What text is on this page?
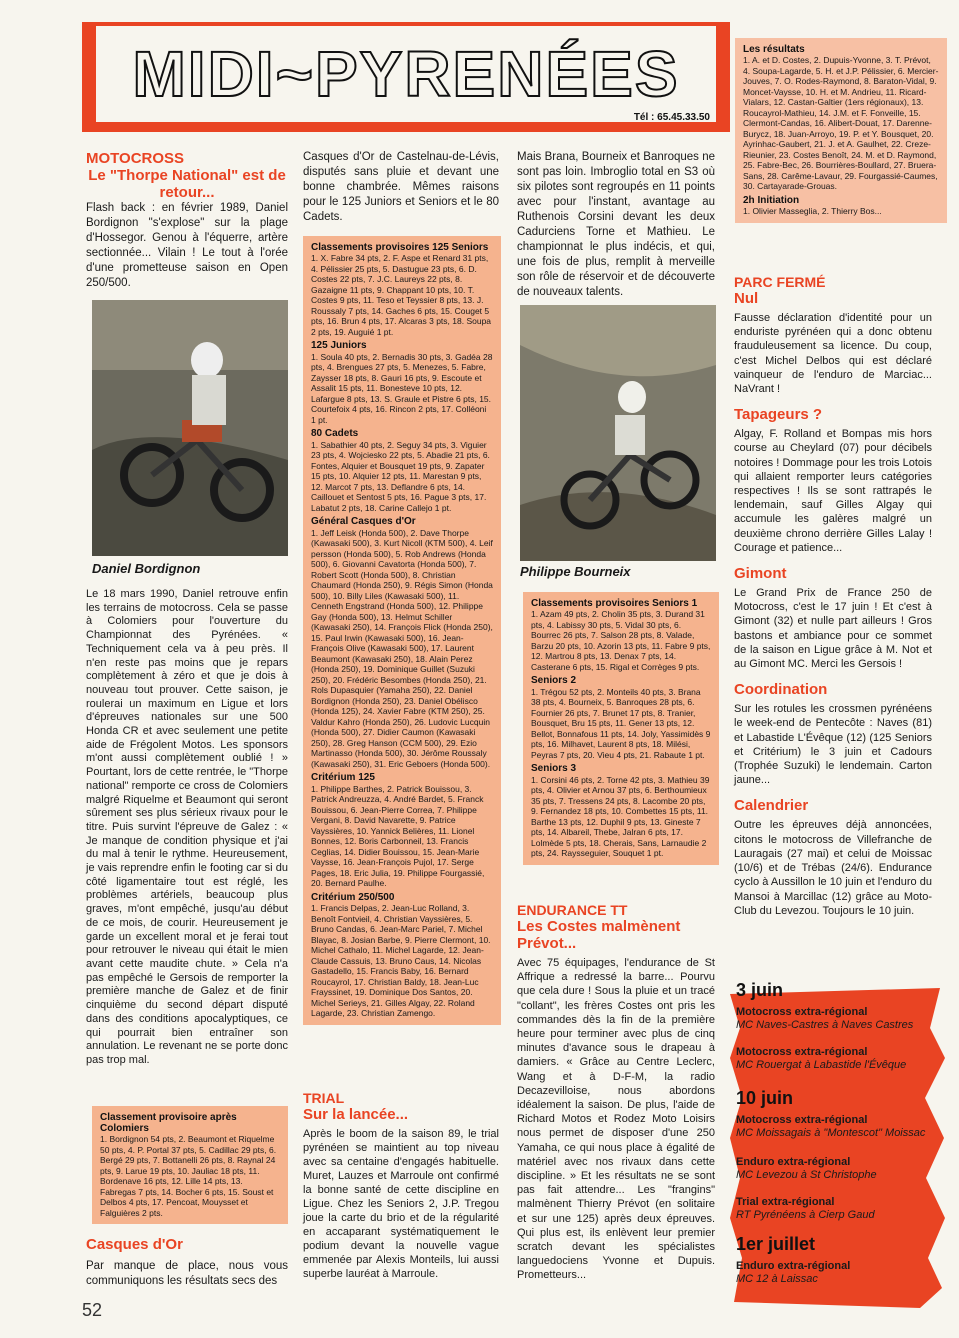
MIDI~PYRENÉES
Tél : 65.45.33.50
MOTOCROSS
Le "Thorpe National" est de retour...

Flash back : en février 1989, Daniel Bordignon "s'explose" sur la plage d'Hossegor. Genou à l'équerre, artère sectionnée... Vilain ! Le tout à l'orée d'une prometteuse saison en Open 250/500.

Daniel Bordignon

Le 18 mars 1990, Daniel retrouve enfin les terrains de motocross. Cela se passe à Colomiers pour l'ouverture du Championnat des Pyrénées. « Techniquement cela va à peu près. Il n'en reste pas moins que je repars complètement à zéro et que je dois à nouveau tout prouver. Cette saison, je roulerai un maximum en Ligue et lors d'épreuves nationales sur une 500 Honda CR et avec seulement une petite aide de Frégolent Motos. Les sponsors m'ont aussi complètement oublié ! » Pourtant, lors de cette rentrée, le "Thorpe national" remporte ce cross de Colomiers malgré Riquelme et Beaumont qui seront sûrement ses plus sérieux rivaux pour le titre. Puis survint l'épreuve de Galez : « Je manque de condition physique et j'ai du mal à tenir le rythme. Heureusement, je vais reprendre enfin le footing car si du côté ligamentaire tout est réglé, les problèmes artériels, beaucoup plus graves, m'ont empêché, jusqu'au début de ce mois, de courir. Heureusement je garde un excellent moral et je ferai tout pour retrouver le niveau qui était le mien avant cette maudite chute. » Cela n'a pas empêché le Gersois de remporter la première manche de Galez et de finir cinquième du second départ disputé dans des conditions apocalyptiques, ce qui pourrait bien entraîner son annulation. Le revenant ne se porte donc pas trop mal.

Classement provisoire après Colomiers

1. Bordignon 54 pts, 2. Beaumont et Riquelme 50 pts, 4. P. Portal 37 pts, 5. Cadillac 29 pts, 6. Bergé 29 pts, 7. Bottanelli 26 pts, 8. Raynal 24 pts, 9. Larue 19 pts, 10. Jauliac 18 pts, 11. Bordenave 16 pts, 12. Lille 14 pts, 13. Fabregas 7 pts, 14. Bocher 6 pts, 15. Soust et Delbos 4 pts, 17. Pencoat, Mouysset et Falguières 2 pts.

Casques d'Or

Par manque de place, nous vous communiquons les résultats secs des

Casques d'Or de Castelnau-de-Lévis, disputés sans pluie et devant une bonne chambrée. Mêmes raisons pour le 125 Juniors et Seniors et le 80 Cadets.

Classements provisoires 125 Seniors

1. X. Fabre 34 pts, 2. F. Aspe et Renard 31 pts, 4. Pélissier 25 pts, 5. Dastugue 23 pts, 6. D. Costes 22 pts, 7. J.C. Laureys 22 pts, 8. Gazaigne 11 pts, 9. Chappant 10 pts, 10. T. Costes 9 pts, 11. Teso et Teyssier 8 pts, 13. J. Roussaly 7 pts, 14. Gaches 6 pts, 15. Couget 5 pts, 16. Brun 4 pts, 17. Alcaras 3 pts, 18. Soupa 2 pts, 19. Auguié 1 pt.

125 Juniors

1. Soula 40 pts, 2. Bernadis 30 pts, 3. Gadéa 28 pts, 4. Brengues 27 pts, 5. Menezes, 5. Fabre, Zaysser 18 pts, 8. Gauri 16 pts, 9. Escoute et Assalit 15 pts, 11. Bonesteve 10 pts, 12. Lafargue 8 pts, 13. S. Graule et Pistre 6 pts, 15. Courtefoix 4 pts, 16. Rincon 2 pts, 17. Colléoni 1 pt.

80 Cadets

1. Sabathier 40 pts, 2. Seguy 34 pts, 3. Viguier 23 pts, 4. Wojciesko 22 pts, 5. Abadie 21 pts, 6. Fontes, Alquier et Bousquet 19 pts, 9. Zapater 15 pts, 10. Alquier 12 pts, 11. Marestan 9 pts, 12. Marcot 7 pts, 13. Deflandre 6 pts, 14. Caillouet et Sentost 5 pts, 16. Pague 3 pts, 17. Labatut 2 pts, 18. Carine Callejo 1 pt.

Général Casques d'Or

1. Jeff Leisk (Honda 500), 2. Dave Thorpe (Kawasaki 500), 3. Kurt Nicoll (KTM 500), 4. Leif persson (Honda 500), 5. Rob Andrews (Honda 500), 6. Giovanni Cavatorta (Honda 500), 7. Robert Scott (Honda 500), 8. Christian Chaumard (Honda 250), 9. Régis Simon (Honda 500), 10. Billy Liles (Kawasaki 500), 11. Cenneth Engstrand (Honda 500), 12. Philippe Gay (Honda 500), 13. Helmut Schiller (Kawasaki 250), 14. François Flick (Honda 250), 15. Paul Irwin (Kawasaki 500), 16. Jean-François Olive (Kawasaki 500), 17. Laurent Beaumont (Kawasaki 250), 18. Alain Perez (Honda 250), 19. Dominique Guillet (Suzuki 250), 20. Frédéric Besombes (Honda 250), 21. Rols Dupasquier (Yamaha 250), 22. Daniel Bordignon (Honda 250), 23. Daniel Obélisco (Honda 125), 24. Xavier Fabre (KTM 250), 25. Valdur Kahro (Honda 250), 26. Ludovic Lucquin (Honda 500), 27. Didier Caumon (Kawasaki 250), 28. Greg Hanson (CCM 500), 29. Ezio Martinasso (Honda 500), 30. Jérôme Roussaly (Kawasaki 250), 31. Eric Geboers (Honda 500).

Critérium 125

1. Philippe Barthes, 2. Patrick Bouissou, 3. Patrick Andreuzza, 4. André Bardet, 5. Franck Bouissou, 6. Jean-Pierre Correa, 7. Philippe Vergani, 8. David Navarette, 9. Patrice Vayssières, 10. Yannick Belières, 11. Lionel Bonnes, 12. Boris Carbonneil, 13. Francis Ceglias, 14. Didier Bouissou, 15. Jean-Marie Vaysse, 16. Jean-François Pujol, 17. Serge Pages, 18. Eric Julia, 19. Philippe Fourgassié, 20. Bernard Paulhe.

Critérium 250/500

1. Francis Delpas, 2. Jean-Luc Rolland, 3. Benoît Fontvieil, 4. Christian Vayssières, 5. Bruno Candas, 6. Jean-Marc Pariel, 7. Michel Blayac, 8. Josian Barbe, 9. Pierre Clermont, 10. Michel Cathalo, 11. Michel Lagarde, 12. Jean-Claude Cassuis, 13. Bruno Caus, 14. Nicolas Gastadello, 15. Francis Baby, 16. Bernard Roucayrol, 17. Christian Baldy, 18. Jean-Luc Frayssinet, 19. Dominique Dos Santos, 20. Michel Serieys, 21. Gilles Algay, 22. Roland Lagarde, 23. Christian Zamengo.

TRIAL
Sur la lancée...

Après le boom de la saison 89, le trial pyrénéen se maintient au top niveau avec sa centaine d'engagés habituelle. Muret, Lauzes et Marroule ont confirmé la bonne santé de cette discipline en Ligue. Chez les Seniors 2, J.P. Tregou joue la carte du brio et de la régularité en accaparant systématiquement le podium devant la nouvelle vague emmenée par Alexis Monteils, lui aussi superbe lauréat à Marroule.

Mais Brana, Bourneix et Banroques ne sont pas loin. Imbroglio total en S3 où six pilotes sont regroupés en 11 points avec pour l'instant, avantage au Ruthenois Corsini devant les deux Cadurciens Torne et Mathieu. Le championnat le plus indécis, et qui, une fois de plus, remplit à merveille son rôle de réservoir et de découverte de nouveaux talents.

Philippe Bourneix
Classements provisoires Seniors 1

1. Azam 49 pts, 2. Cholin 35 pts, 3. Durand 31 pts, 4. Labissy 30 pts, 5. Vidal 30 pts, 6. Bourrec 26 pts, 7. Salson 28 pts, 8. Valade, Barzu 20 pts, 10. Azorin 13 pts, 11. Fabre 9 pts, 12. Martrou 8 pts, 13. Denax 7 pts, 14. Casterane 6 pts, 15. Rigal et Corrèges 9 pts.

Seniors 2

1. Trégou 52 pts, 2. Monteils 40 pts, 3. Brana 38 pts, 4. Bourneix, 5. Banroques 28 pts, 6. Fournier 26 pts, 7. Brunet 17 pts, 8. Tranier, Bousquet, Bru 15 pts, 11. Gener 13 pts, 12. Bellot, Bonnafous 11 pts, 14. Joly, Yassimidès 9 pts, 16. Milhavet, Laurent 8 pts, 18. Milési, Peyras 7 pts, 20. Vieu 4 pts, 21. Rabaute 1 pt.

Seniors 3

1. Corsini 46 pts, 2. Torne 42 pts, 3. Mathieu 39 pts, 4. Olivier et Arnou 37 pts, 6. Berthoumieux 35 pts, 7. Tressens 24 pts, 8. Lacombe 20 pts, 9. Fernandez 18 pts, 10. Combettes 15 pts, 11. Barthe 13 pts, 12. Duphil 9 pts, 13. Gineste 7 pts, 14. Albareil, Thebe, Jalran 6 pts, 17. Lolmède 5 pts, 18. Cherais, Sans, Larnaudie 2 pts, 24. Raysseguier, Souquet 1 pt.

ENDURANCE TT
Les Costes malmènent Prévot...

Avec 75 équipages, l'endurance de St Affrique a redressé la barre... Pourvu que cela dure ! Sous la pluie et un tracé "collant", les frères Costes ont pris les commandes dès la fin de la première heure pour terminer avec plus de cinq minutes d'avance sous le drapeau à damiers. « Grâce au Centre Leclerc, Wang et à D-F-M, la radio Decazevilloise, nous abordons idéalement la saison. De plus, l'aide de Richard Motos et Rodez Moto Loisirs nous permet de disposer d'une 250 Yamaha, ce qui nous place à égalité de matériel avec nos rivaux dans cette discipline. » Et les résultats ne se sont pas fait attendre... Les "frangins" malmènent Thierry Prévot (en solitaire et sur une 125) après deux épreuves. Qui plus est, ils enlèvent leur premier scratch devant les spécialistes languedociens Yvonne et Dupuis. Prometteurs...

Les résultats

1. A. et D. Costes, 2. Dupuis-Yvonne, 3. T. Prévot, 4. Soupa-Lagarde, 5. H. et J.P. Pélissier, 6. Mercier-Jouves, 7. O. Rodes-Raymond, 8. Baraton-Vidal, 9. Moncet-Vaysse, 10. H. et M. Andrieu, 11. Ricard-Vialars, 12. Castan-Galtier (1ers régionaux), 13. Roucayrol-Mathieu, 14. J.M. et F. Fonveille, 15. Clermont-Candas, 16. Alibert-Douat, 17. Darenne-Burycz, 18. Juan-Arroyo, 19. P. et Y. Bousquet, 20. Ayrinhac-Gaubert, 21. J. et A. Gaulhet, 22. Creze-Rieunier, 23. Costes Benoît, 24. M. et D. Raymond, 25. Fabre-Bec, 26. Bourrières-Boullard, 27. Bruera-Sans, 28. Carême-Lavaur, 29. Fourgassié-Caumes, 30. Cartayarade-Grouas.

2h Initiation

1. Olivier Masseglia, 2. Thierry Bos...

PARC FERMÉ
Nul

Fausse déclaration d'identité pour un enduriste pyrénéen qui a donc obtenu frauduleusement sa licence. Du coup, c'est Michel Delbos qui est déclaré vainqueur de l'enduro de Marciac... NaVrant !

Tapageurs ?

Algay, F. Rolland et Bompas mis hors course au Cheylard (07) pour décibels notoires ! Dommage pour les trois Lotois qui allaient remporter leurs catégories respectives ! Ils se sont rattrapés le lendemain, sauf Gilles Algay qui accumule les galères malgré un deuxième chrono derrière Gilles Lalay ! Courage et patience...

Gimont

Le Grand Prix de France 250 de Motocross, c'est le 17 juin ! Et c'est à Gimont (32) et nulle part ailleurs ! Gros bastons et ambiance pour ce sommet de la saison en Ligue grâce à M. Not et au Gimont MC. Merci les Gersois !

Coordination

Sur les rotules les crossmen pyrénéens le week-end de Pentecôte : Naves (81) et Labastide L'Évêque (12) (125 Seniors et Critérium) le 3 juin et Cadours (Trophée Suzuki) le lendemain. Carton jaune...

Calendrier

Outre les épreuves déjà annoncées, citons le motocross de Villefranche de Lauragais (27 mai) et celui de Moissac (10/6) et de Trébas (24/6). Endurance cyclo à Aussillon le 10 juin et l'enduro du Mansoi à Marcillac (12) grâce au Moto-Club du Levezou. Toujours le 10 juin.

3 juin
Motocross extra-régional
MC Naves-Castres à Naves Castres
Motocross extra-régional
MC Rouergat à Labastide l'Évêque
10 juin
Motocross extra-régional
MC Moissagais à "Montescot" Moissac
Enduro extra-régional
MC Levezou à St Christophe
Trial extra-régional
RT Pyrénéens à Cierp Gaud
1er juillet
Enduro extra-régional
MC 12 à Laissac
52
